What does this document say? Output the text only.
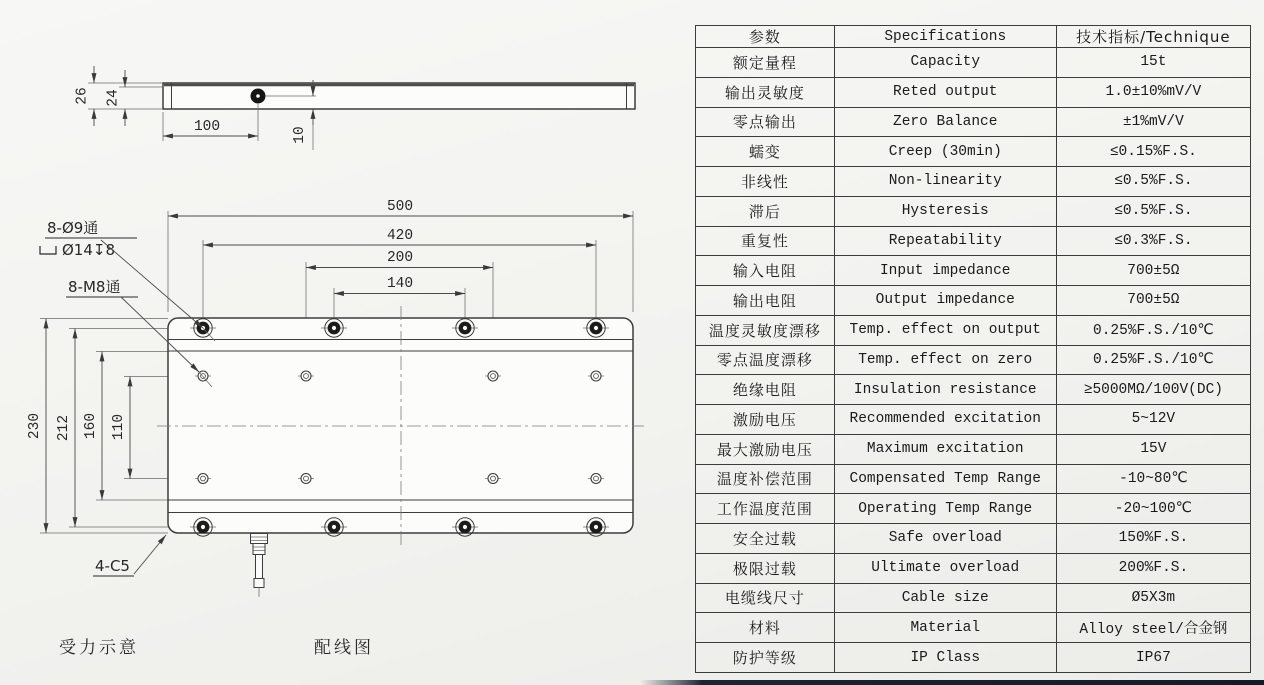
26 24
100	10
500
420
200
140
230 212 160 110
8-Ø9通
Ø14↧8
8-M8通
4-C5
受力示意	配线图
参数	Specifications	技术指标/Technique
额定量程	Capacity	15t
输出灵敏度	Reted output	1.0±10%mV/V
零点输出	Zero Balance	±1%mV/V
蠕变	Creep (30min)	≤0.15%F.S.
非线性	Non-linearity	≤0.5%F.S.
滞后	Hysteresis	≤0.5%F.S.
重复性	Repeatability	≤0.3%F.S.
输入电阻	Input impedance	700±5Ω
输出电阻	Output impedance	700±5Ω
温度灵敏度漂移	Temp. effect on output	0.25%F.S./10℃
零点温度漂移	Temp. effect on zero	0.25%F.S./10℃
绝缘电阻	Insulation resistance	≥5000MΩ/100V(DC)
激励电压	Recommended excitation	5~12V
最大激励电压	Maximum excitation	15V
温度补偿范围	Compensated Temp Range	-10~80℃
工作温度范围	Operating Temp Range	-20~100℃
安全过载	Safe overload	150%F.S.
极限过载	Ultimate overload	200%F.S.
电缆线尺寸	Cable size	Ø5X3m
材料	Material	Alloy steel/合金钢
防护等级	IP Class	IP67
